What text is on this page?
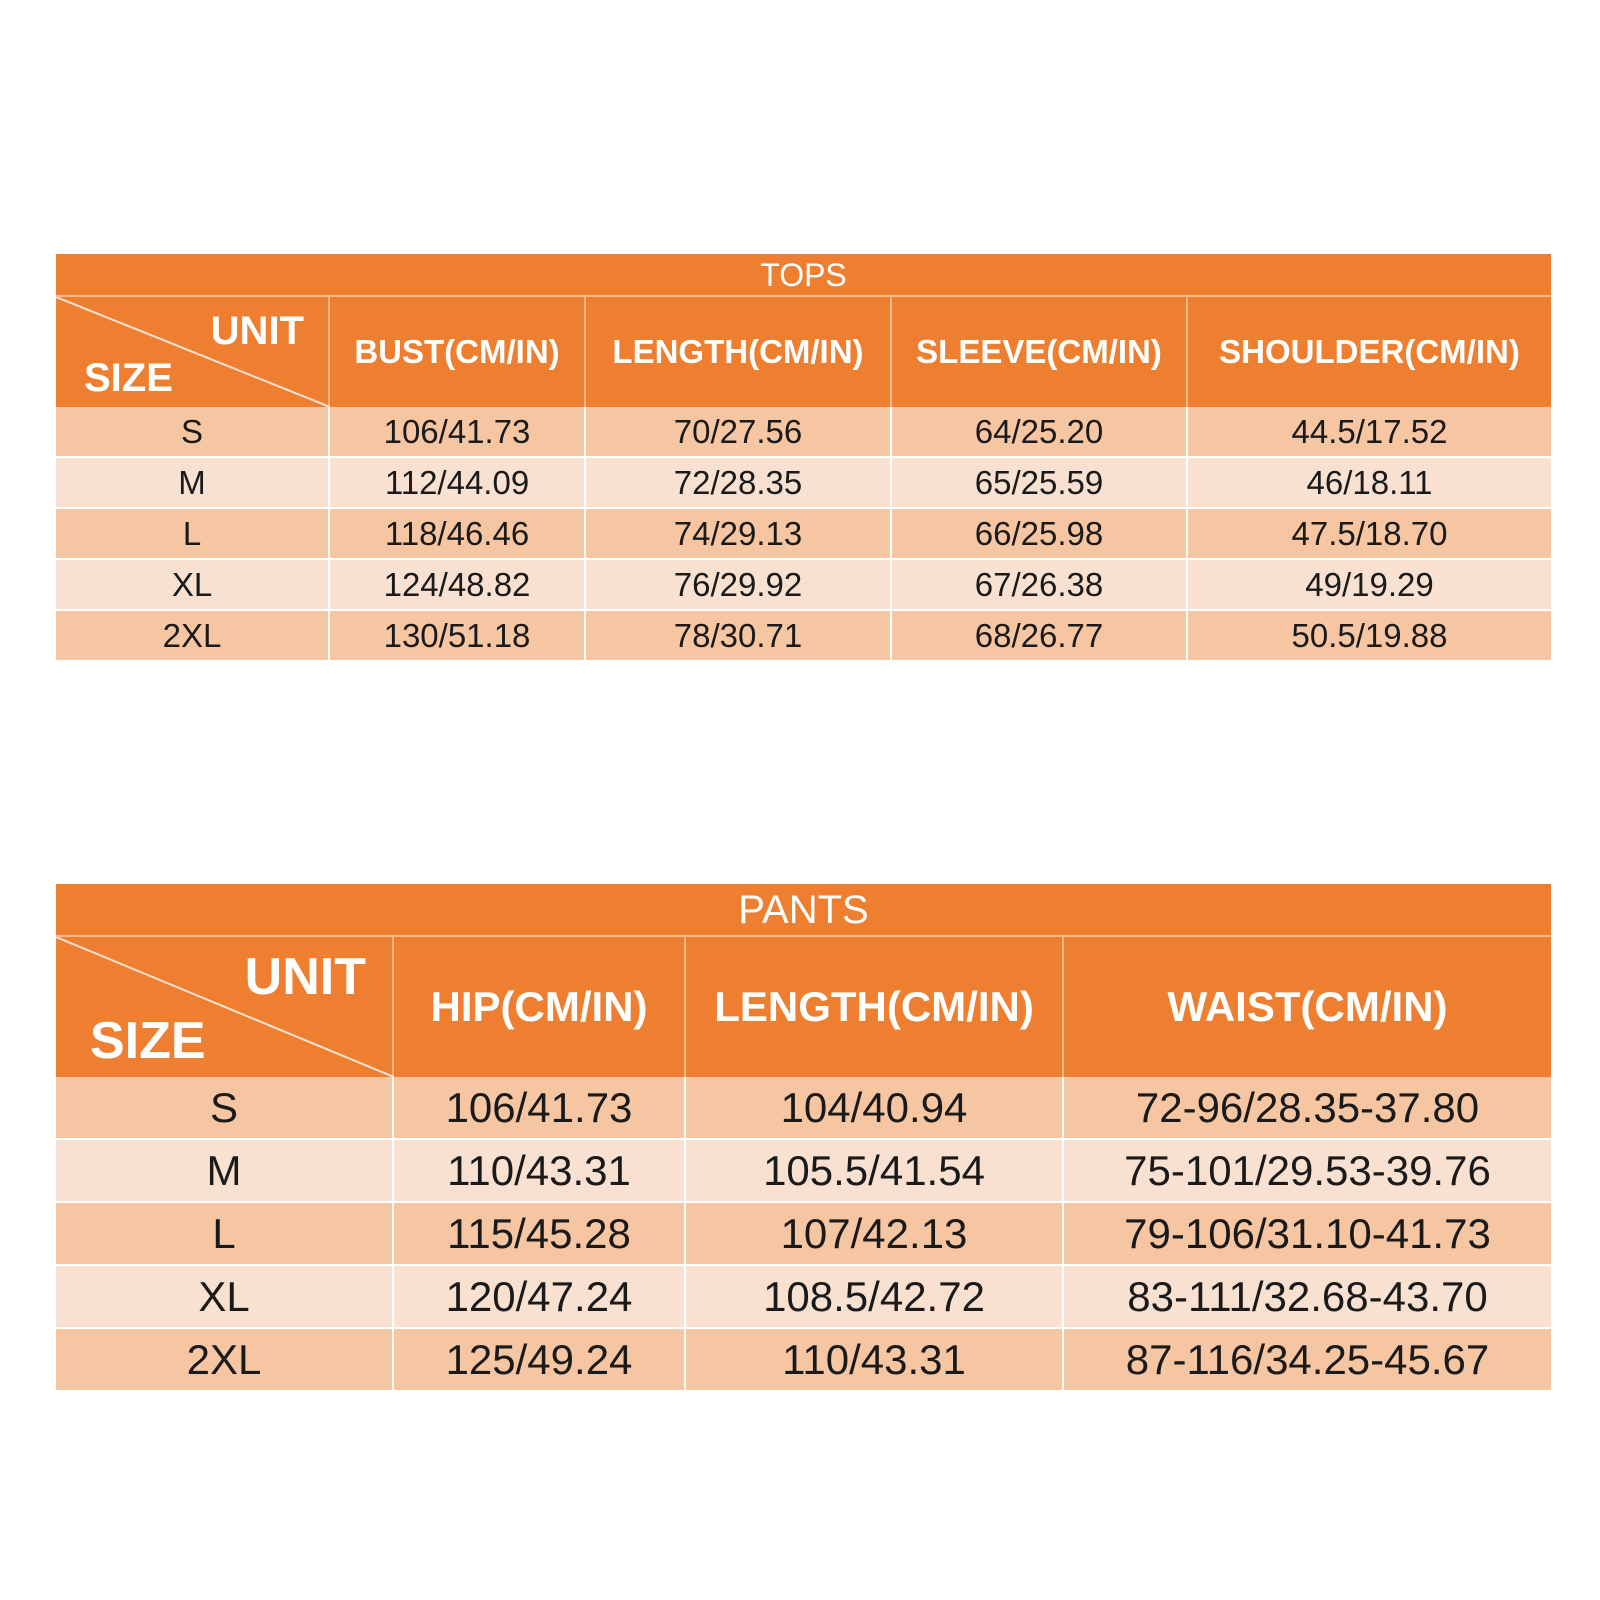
TOPS
UNIT
SIZE
BUST(CM/IN)	LENGTH(CM/IN)	SLEEVE(CM/IN)	SHOULDER(CM/IN)
S	106/41.73	70/27.56	64/25.20	44.5/17.52
M	112/44.09	72/28.35	65/25.59	46/18.11
L	118/46.46	74/29.13	66/25.98	47.5/18.70
XL	124/48.82	76/29.92	67/26.38	49/19.29
2XL	130/51.18	78/30.71	68/26.77	50.5/19.88
PANTS
UNIT
SIZE
HIP(CM/IN)	LENGTH(CM/IN)	WAIST(CM/IN)
S	106/41.73	104/40.94	72-96/28.35-37.80
M	110/43.31	105.5/41.54	75-101/29.53-39.76
L	115/45.28	107/42.13	79-106/31.10-41.73
XL	120/47.24	108.5/42.72	83-111/32.68-43.70
2XL	125/49.24	110/43.31	87-116/34.25-45.67
